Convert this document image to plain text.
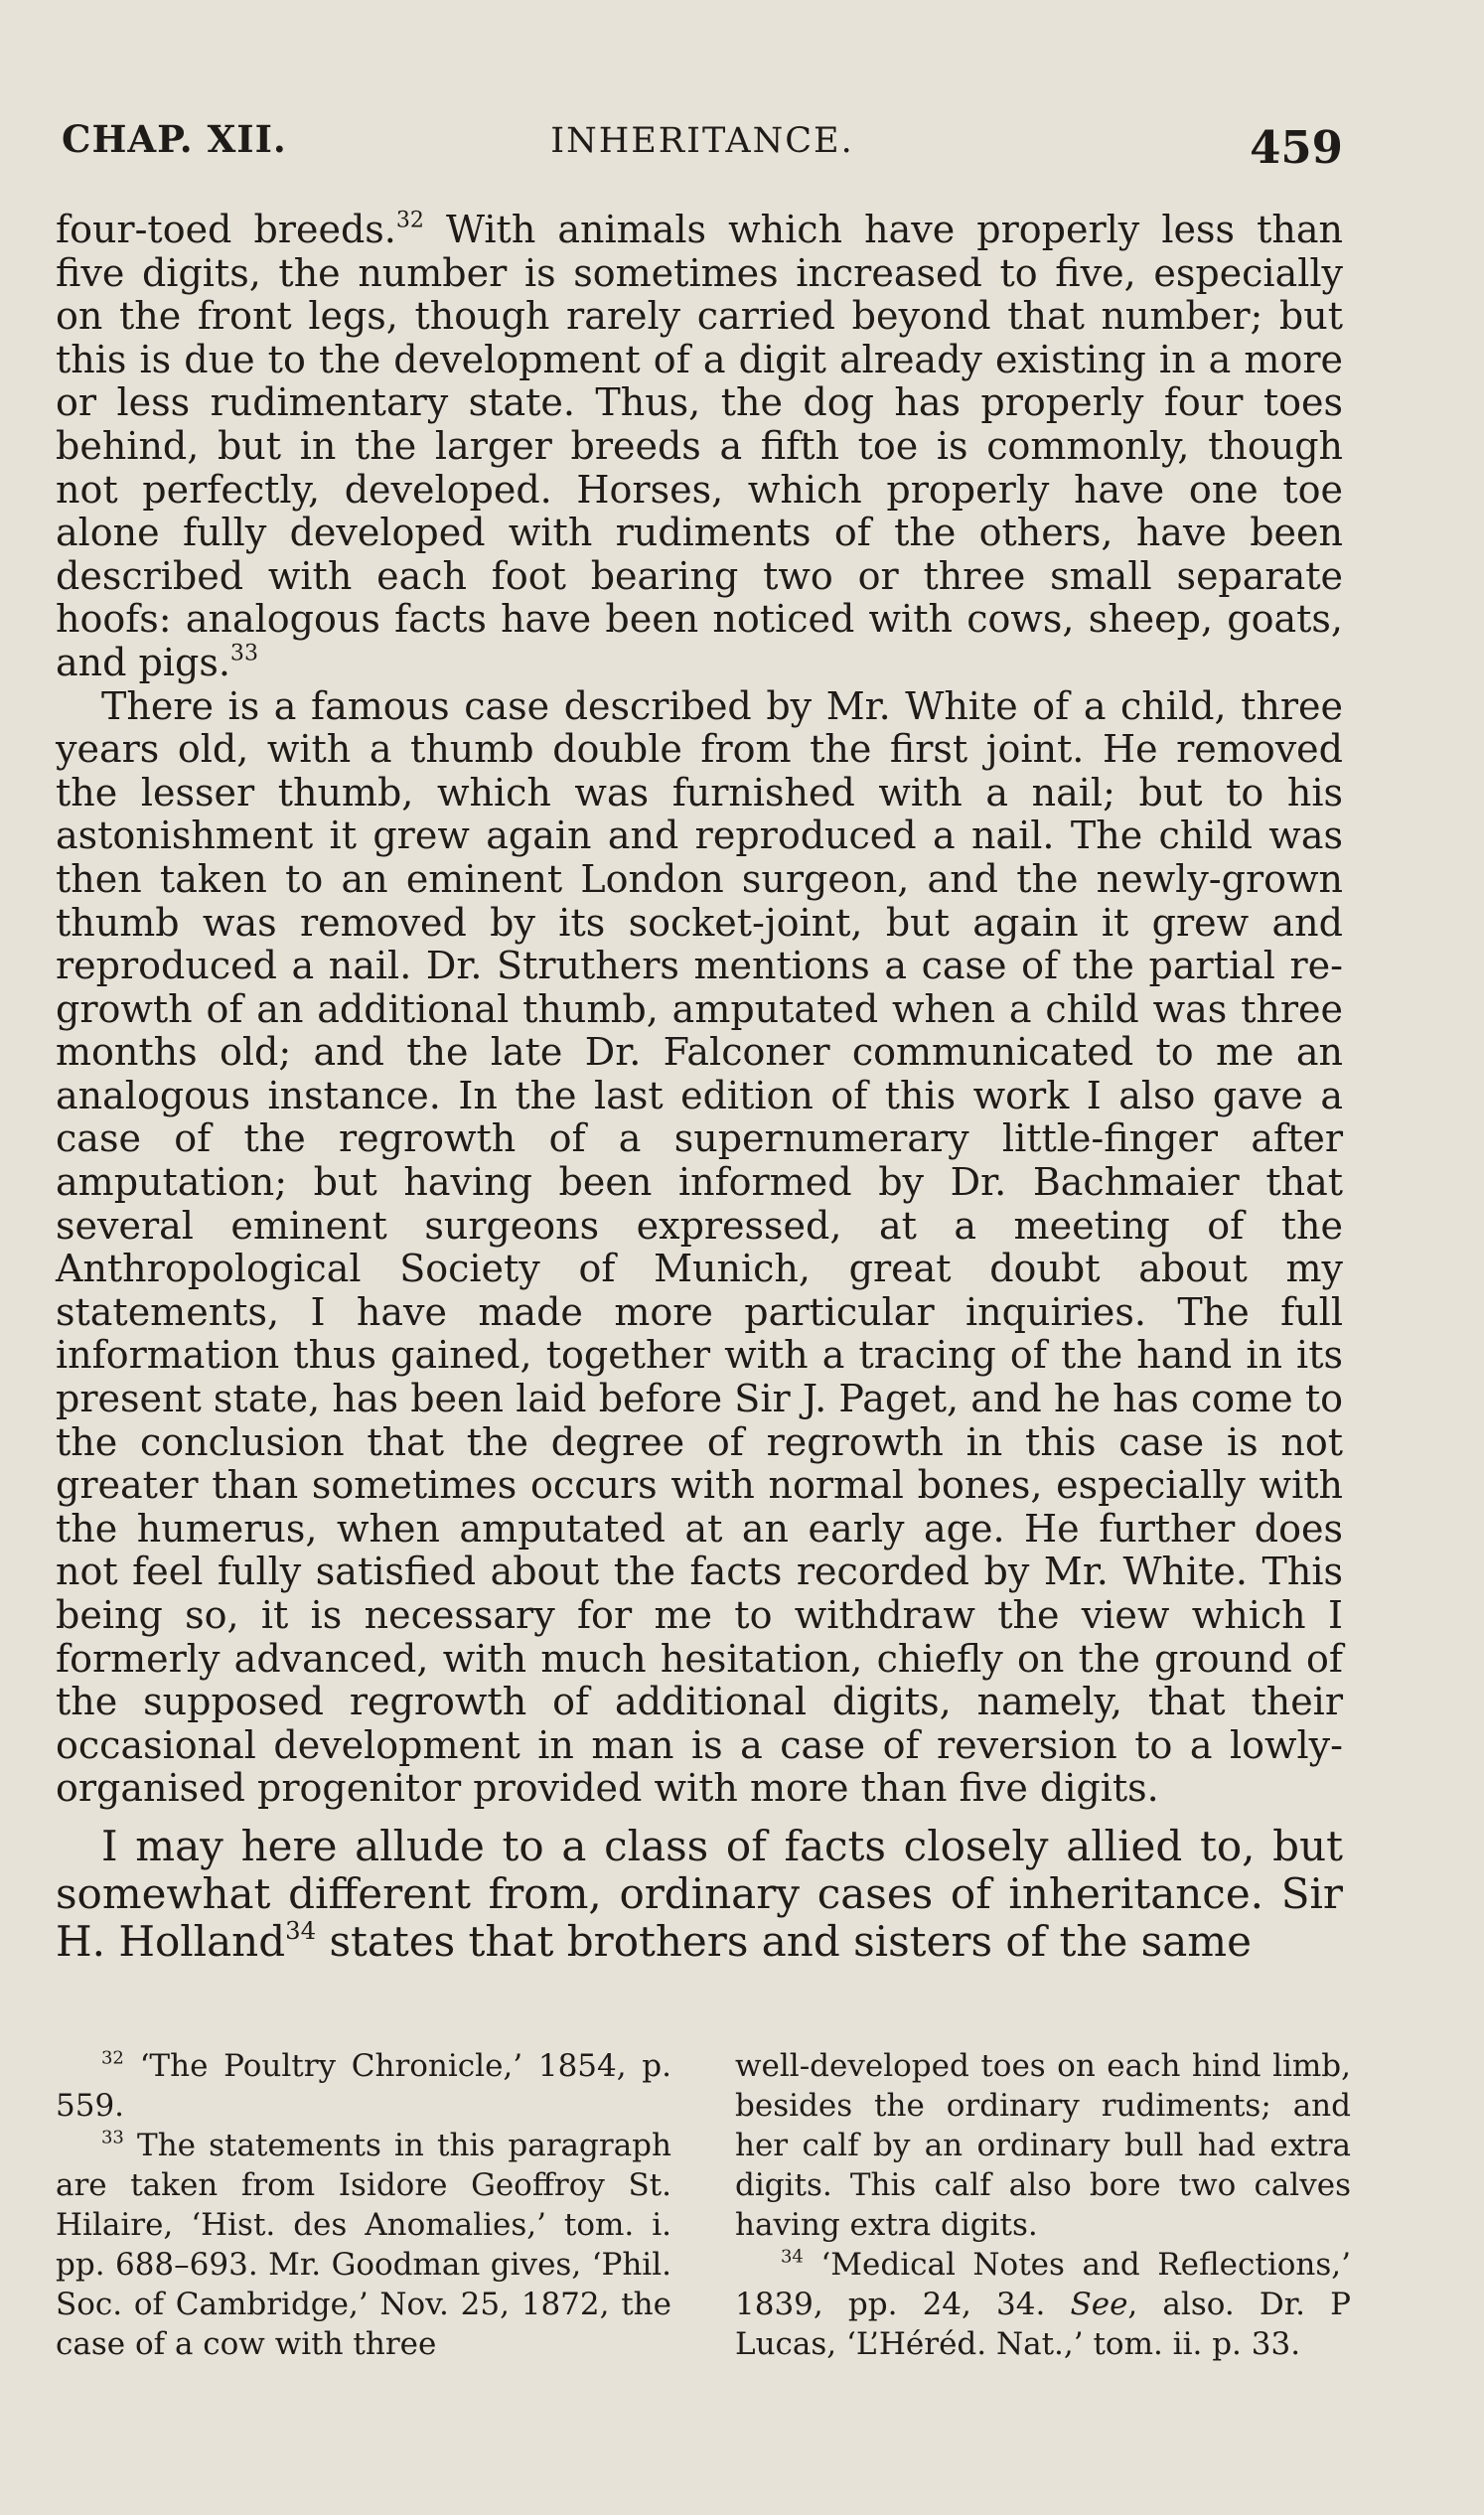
CHAP. XII.	INHERITANCE.	459

four-toed breeds.$^{32}$ With animals which have properly less than five digits, the number is sometimes increased to five, especially on the front legs, though rarely carried beyond that number; but this is due to the development of a digit already existing in a more or less rudimentary state. Thus, the dog has properly four toes behind, but in the larger breeds a fifth toe is commonly, though not perfectly, developed. Horses, which properly have one toe alone fully developed with rudiments of the others, have been described with each foot bearing two or three small separate hoofs: analogous facts have been noticed with cows, sheep, goats, and pigs.$^{33}$

There is a famous case described by Mr. White of a child, three years old, with a thumb double from the first joint. He removed the lesser thumb, which was furnished with a nail; but to his astonishment it grew again and reproduced a nail. The child was then taken to an eminent London surgeon, and the newly-grown thumb was removed by its socket-joint, but again it grew and reproduced a nail. Dr. Struthers mentions a case of the partial re-growth of an additional thumb, amputated when a child was three months old; and the late Dr. Falconer communicated to me an analogous instance. In the last edition of this work I also gave a case of the regrowth of a supernumerary little-finger after amputation; but having been informed by Dr. Bachmaier that several eminent surgeons expressed, at a meeting of the Anthropological Society of Munich, great doubt about my statements, I have made more particular inquiries. The full information thus gained, together with a tracing of the hand in its present state, has been laid before Sir J. Paget, and he has come to the conclusion that the degree of regrowth in this case is not greater than sometimes occurs with normal bones, especially with the humerus, when amputated at an early age. He further does not feel fully satisfied about the facts recorded by Mr. White. This being so, it is necessary for me to withdraw the view which I formerly advanced, with much hesitation, chiefly on the ground of the supposed regrowth of additional digits, namely, that their occasional development in man is a case of reversion to a lowly-organised progenitor provided with more than five digits.

I may here allude to a class of facts closely allied to, but somewhat different from, ordinary cases of inheritance. Sir H. Holland$^{34}$ states that brothers and sisters of the same

$^{32}$ ‘The Poultry Chronicle,’ 1854, p. 559.

$^{33}$ The statements in this paragraph are taken from Isidore Geoffroy St. Hilaire, ‘Hist. des Anomalies,’ tom. i. pp. 688–693. Mr. Goodman gives, ‘Phil. Soc. of Cambridge,’ Nov. 25, 1872, the case of a cow with three

well-developed toes on each hind limb, besides the ordinary rudiments; and her calf by an ordinary bull had extra digits. This calf also bore two calves having extra digits.

$^{34}$ ‘Medical Notes and Reflections,’ 1839, pp. 24, 34. See, also. Dr. P Lucas, ‘L’Héréd. Nat.,’ tom. ii. p. 33.
